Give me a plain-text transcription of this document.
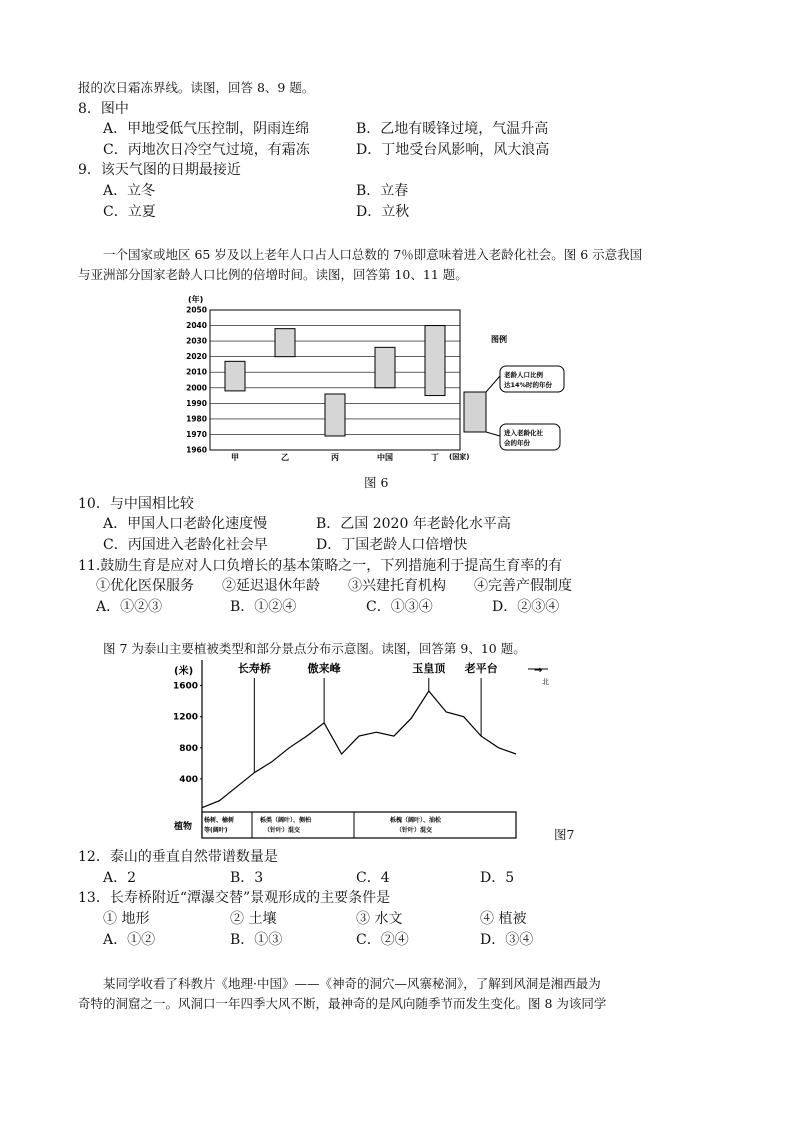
报的次日霜冻界线。读图，回答 8、9 题。
8．图中
A．甲地受低气压控制，阴雨连绵	B．乙地有暖锋过境，气温升高
C．丙地次日冷空气过境，有霜冻	D．丁地受台风影响，风大浪高
9．该天气图的日期最接近
A．立冬	B．立春
C．立夏	D．立秋
一个国家或地区 65 岁及以上老年人口占人口总数的 7％即意味着进入老龄化社会。图 6 示意我国
与亚洲部分国家老龄人口比例的倍增时间。读图，回答第 10、11 题。
(年)
2050
2040
2030
2020
2010
2000
1990
1980
1970
1960
甲	乙	丙	中国	丁 (国家)
图例
老龄人口比例
达14%时的年份
进入老龄化社
会的年份
图 6
10．与中国相比较
A．甲国人口老龄化速度慢	B．乙国 2020 年老龄化水平高
C．丙国进入老龄化社会早	D．丁国老龄人口倍增快
11.鼓励生育是应对人口负增长的基本策略之一，下列措施利于提高生育率的有
①优化医保服务　　②延迟退休年龄　　③兴建托育机构　　④完善产假制度
A．①②③	B．①②④	C．①③④	D．②③④
图 7 为泰山主要植被类型和部分景点分布示意图。读图，回答第 9、10 题。
(米)
1600
1200
800
400
长寿桥	傲来峰	玉皇顶 老平台	→
北
植物
杨树、榆树
等(阔叶)
栎类（阔叶）、侧柏
（针叶）混交
栎槐（阔叶）、油松
（针叶）混交	图7
12．泰山的垂直自然带谱数量是
A．2	B．3	C．4	D．5
13．长寿桥附近“潭瀑交替”景观形成的主要条件是
① 地形	② 土壤	③ 水文	④ 植被
A．①②	B．①③	C．②④	D．③④
某同学收看了科教片《地理·中国》——《神奇的洞穴—风寨秘洞》，了解到风洞是湘西最为
奇特的洞窟之一。风洞口一年四季大风不断，最神奇的是风向随季节而发生变化。图 8 为该同学
